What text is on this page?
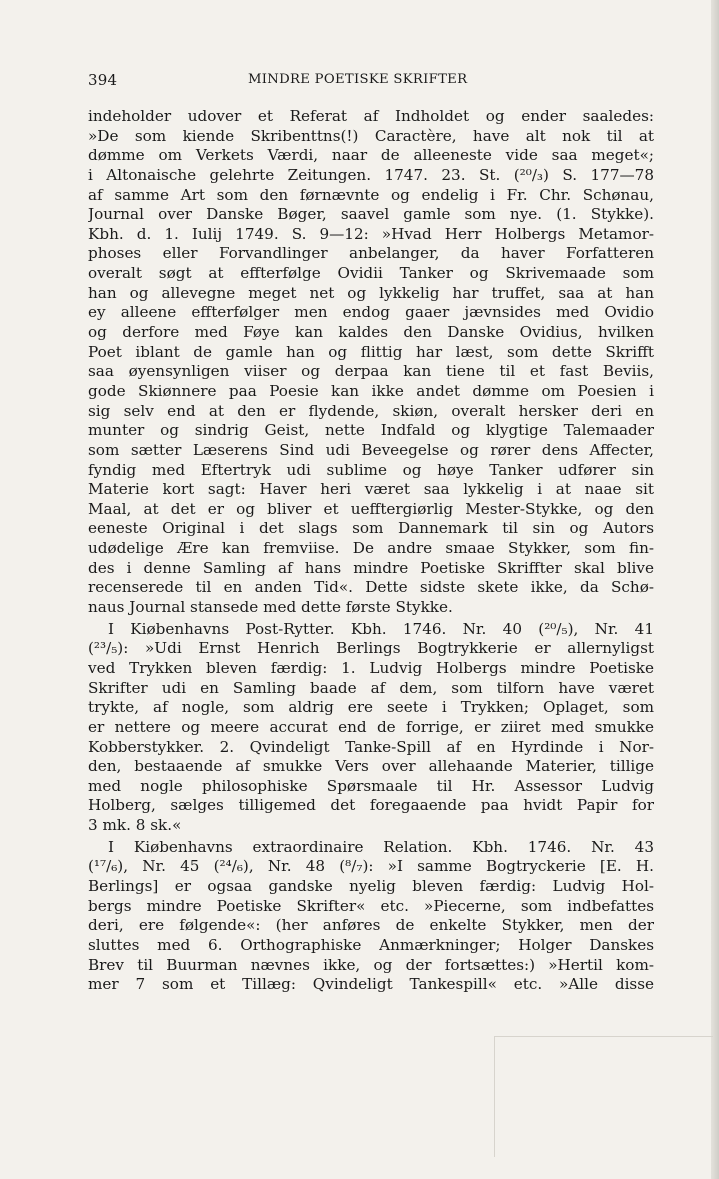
394	MINDRE POETISKE SKRIFTER
indeholder udover et Referat af Indholdet og ender saaledes:
»De som kiende Skribenttns(!) Caractère, have alt nok til at
dømme om Verkets Værdi, naar de alleeneste vide saa meget«;
i Altonaische gelehrte Zeitungen. 1747. 23. St. (²⁰/₃) S. 177—78
af samme Art som den førnævnte og endelig i Fr. Chr. Schønau,
Journal over Danske Bøger, saavel gamle som nye. (1. Stykke).
Kbh. d. 1. Iulij 1749. S. 9—12: »Hvad Herr Holbergs Metamor-
phoses eller Forvandlinger anbelanger, da haver Forfatteren
overalt søgt at effterfølge Ovidii Tanker og Skrivemaade som
han og allevegne meget net og lykkelig har truffet, saa at han
ey alleene effterfølger men endog gaaer jævnsides med Ovidio
og derfore med Føye kan kaldes den Danske Ovidius, hvilken
Poet iblant de gamle han og flittig har læst, som dette Skrifft
saa øyensynligen viiser og derpaa kan tiene til et fast Beviis,
gode Skiønnere paa Poesie kan ikke andet dømme om Poesien i
sig selv end at den er flydende, skiøn, overalt hersker deri en
munter og sindrig Geist, nette Indfald og klygtige Talemaader
som sætter Læserens Sind udi Beveegelse og rører dens Affecter,
fyndig med Eftertryk udi sublime og høye Tanker udfører sin
Materie kort sagt: Haver heri været saa lykkelig i at naae sit
Maal, at det er og bliver et uefftergiørlig Mester-Stykke, og den
eeneste Original i det slags som Dannemark til sin og Autors
udødelige Ære kan fremviise. De andre smaae Stykker, som fin-
des i denne Samling af hans mindre Poetiske Skriffter skal blive
recenserede til en anden Tid«. Dette sidste skete ikke, da Schø-
naus Journal stansede med dette første Stykke.
I Kiøbenhavns Post-Rytter. Kbh. 1746. Nr. 40 (²⁰/₅), Nr. 41
(²³/₅): »Udi Ernst Henrich Berlings Bogtrykkerie er allernyligst
ved Trykken bleven færdig: 1. Ludvig Holbergs mindre Poetiske
Skrifter udi en Samling baade af dem, som tilforn have været
trykte, af nogle, som aldrig ere seete i Trykken; Oplaget, som
er nettere og meere accurat end de forrige, er ziiret med smukke
Kobberstykker. 2. Qvindeligt Tanke-Spill af en Hyrdinde i Nor-
den, bestaaende af smukke Vers over allehaande Materier, tillige
med nogle philosophiske Spørsmaale til Hr. Assessor Ludvig
Holberg, sælges tilligemed det foregaaende paa hvidt Papir for
3 mk. 8 sk.«
I Kiøbenhavns extraordinaire Relation. Kbh. 1746. Nr. 43
(¹⁷/₆), Nr. 45 (²⁴/₆), Nr. 48 (⁸/₇): »I samme Bogtryckerie [E. H.
Berlings] er ogsaa gandske nyelig bleven færdig: Ludvig Hol-
bergs mindre Poetiske Skrifter« etc. »Piecerne, som indbefattes
deri, ere følgende«: (her anføres de enkelte Stykker, men der
sluttes med 6. Orthographiske Anmærkninger; Holger Danskes
Brev til Buurman nævnes ikke, og der fortsættes:) »Hertil kom-
mer 7 som et Tillæg: Qvindeligt Tankespill« etc. »Alle disse
